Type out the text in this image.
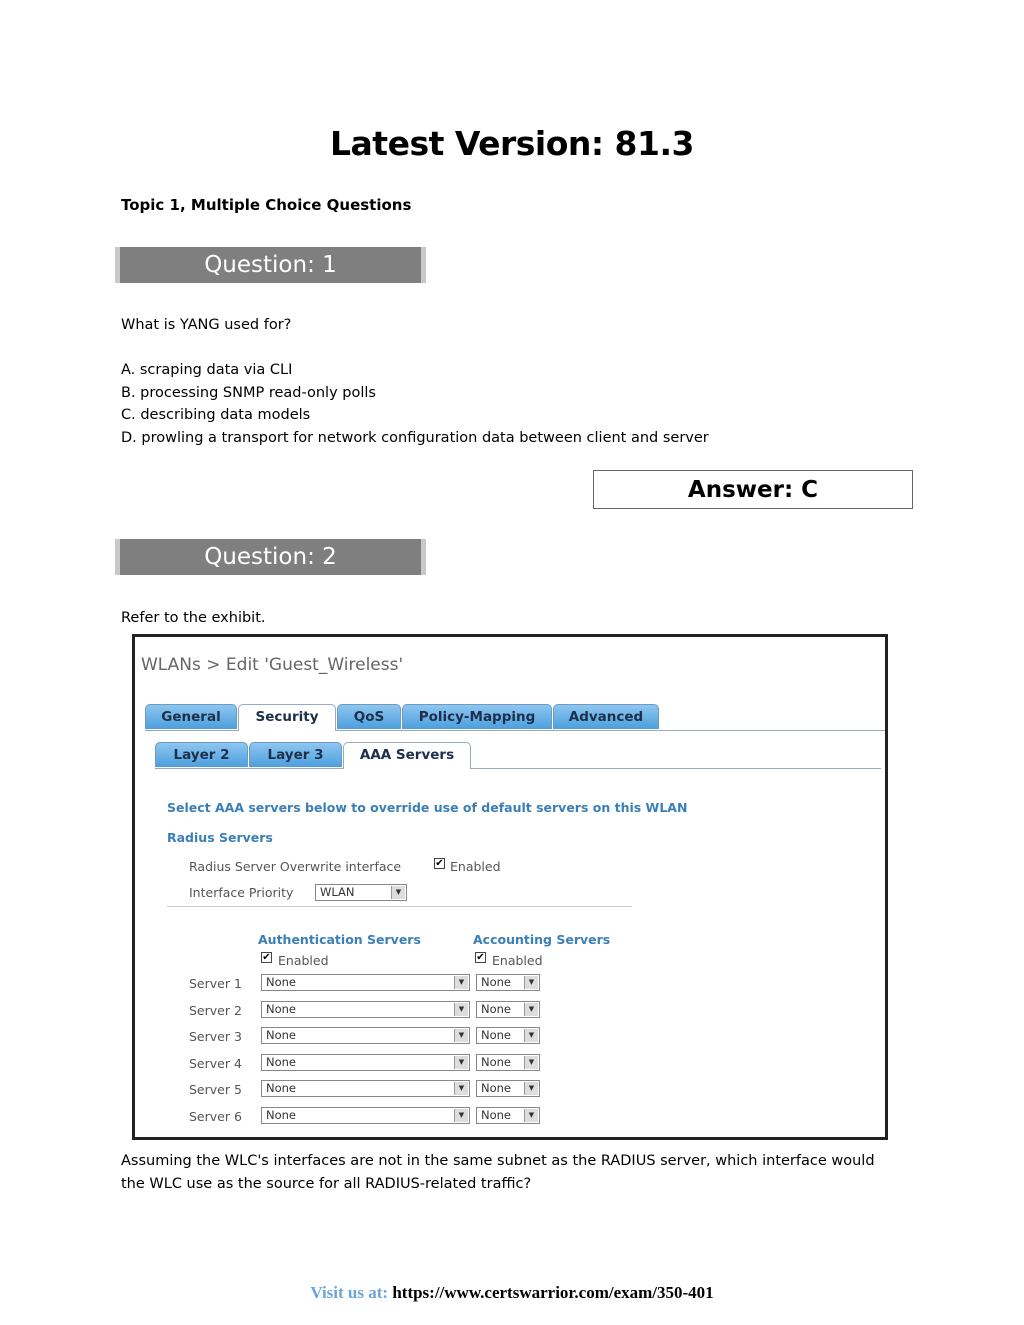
Latest Version: 81.3
Topic 1, Multiple Choice Questions
Question: 1
What is YANG used for?
A. scraping data via CLI
B. processing SNMP read-only polls
C. describing data models
D. prowling a transport for network configuration data between client and server
Answer: C
Question: 2
Refer to the exhibit.
WLANs > Edit 'Guest_Wireless'
General	Security	QoS	Policy-Mapping	Advanced
Layer 2	Layer 3	AAA Servers
Select AAA servers below to override use of default servers on this WLAN
Radius Servers
Radius Server Overwrite interface	✔ Enabled
Interface Priority	WLAN	▼
Authentication Servers	Accounting Servers
✔ Enabled	✔ Enabled
Server 1	None	▼	None	▼
Server 2	None	▼	None	▼
Server 3	None	▼	None	▼
Server 4	None	▼	None	▼
Server 5	None	▼	None	▼
Server 6	None	▼	None	▼
Assuming the WLC's interfaces are not in the same subnet as the RADIUS server, which interface would the WLC use as the source for all RADIUS-related traffic?
Visit us at: https://www.certswarrior.com/exam/350-401
